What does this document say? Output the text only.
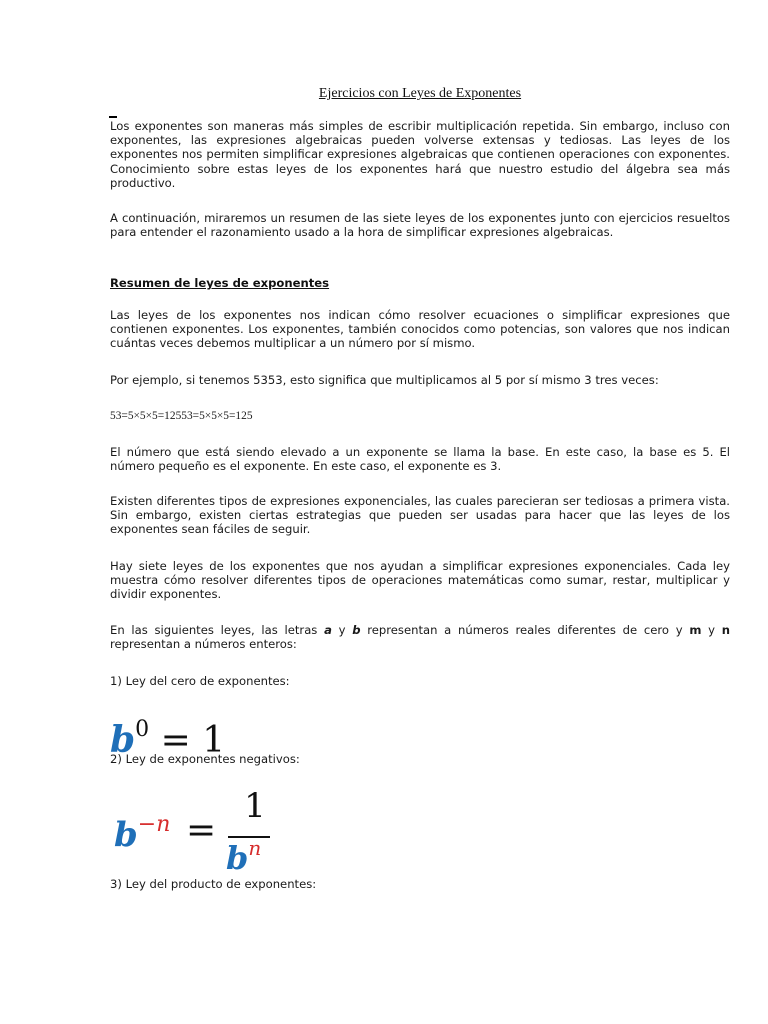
Ejercicios con Leyes de Exponentes
Los exponentes son maneras más simples de escribir multiplicación repetida. Sin embargo, incluso con exponentes, las expresiones algebraicas pueden volverse extensas y tediosas. Las leyes de los exponentes nos permiten simplificar expresiones algebraicas que contienen operaciones con exponentes. Conocimiento sobre estas leyes de los exponentes hará que nuestro estudio del álgebra sea más productivo.
A continuación, miraremos un resumen de las siete leyes de los exponentes junto con ejercicios resueltos para entender el razonamiento usado a la hora de simplificar expresiones algebraicas.
Resumen de leyes de exponentes
Las leyes de los exponentes nos indican cómo resolver ecuaciones o simplificar expresiones que contienen exponentes. Los exponentes, también conocidos como potencias, son valores que nos indican cuántas veces debemos multiplicar a un número por sí mismo.
Por ejemplo, si tenemos 5353, esto significa que multiplicamos al 5 por sí mismo 3 tres veces:
53=5×5×5=12553=5×5×5=125
El número que está siendo elevado a un exponente se llama la base. En este caso, la base es 5. El número pequeño es el exponente. En este caso, el exponente es 3.
Existen diferentes tipos de expresiones exponenciales, las cuales parecieran ser tediosas a primera vista. Sin embargo, existen ciertas estrategias que pueden ser usadas para hacer que las leyes de los exponentes sean fáciles de seguir.
Hay siete leyes de los exponentes que nos ayudan a simplificar expresiones exponenciales. Cada ley muestra cómo resolver diferentes tipos de operaciones matemáticas como sumar, restar, multiplicar y dividir exponentes.
En las siguientes leyes, las letras a y b representan a números reales diferentes de cero y m y n representan a números enteros:
1) Ley del cero de exponentes:
$b^0 = 1$
2) Ley de exponentes negativos:
$b^{-n}$ =
1
$b^n$
3) Ley del producto de exponentes:
